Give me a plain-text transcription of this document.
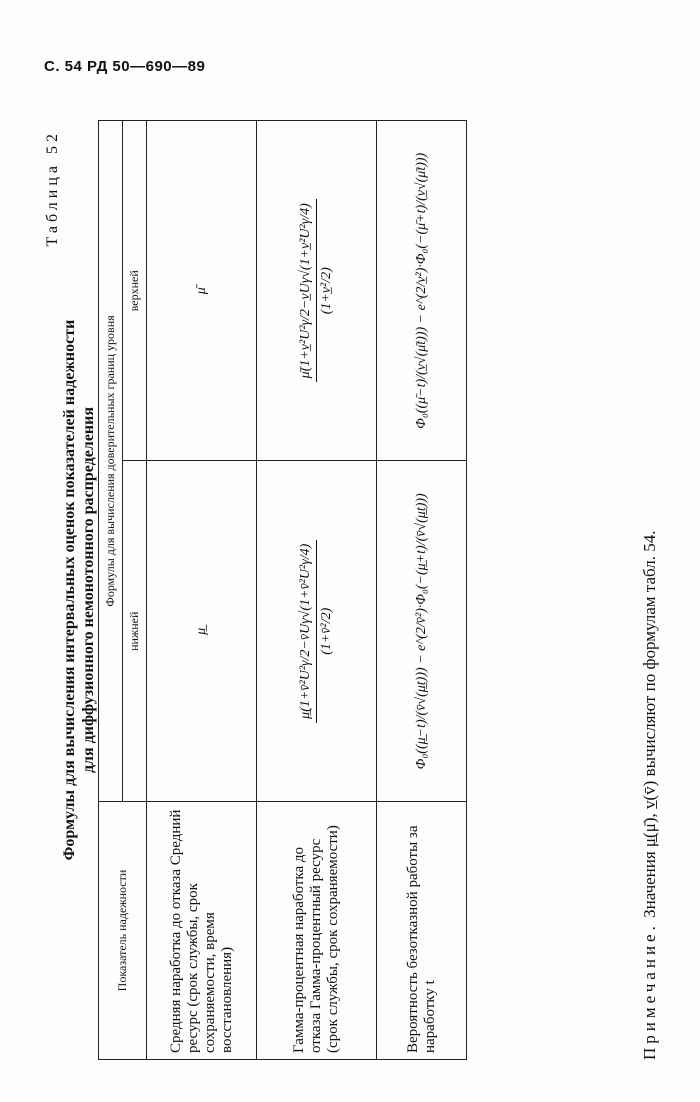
С. 54 РД 50—690—89
Таблица 52
Формулы для вычисления интервальных оценок показателей надежности для диффузионного немонотонного распределения
Показатель надежности	Формулы для вычисления доверительных границ уровня	
	нижней	верхней
Средняя наработка до отказа Средний ресурс (срок службы, срок сохраняемости, время восстановления)	μ̲	μ̄
Гамма-процентная наработка до отказа Гамма-процентный ресурс (срок службы, срок сохраняемости)	μ̲(1+v̄²U²γ/2−v̄Uγ√(1+v̄²U²γ/4) (1+v̄²/2)	μ̄(1+v̲²U²γ/2−v̲Uγ√(1+v̲²U²γ/4) (1+v̲²/2)

Вероятность безотказной работы за наработку t	Φ₀((μ̲−t)/(v̄√(μ̲t))) − e^(2/v̄²)·Φ₀(−(μ̲+t)/(v̄√(μ̲t)))	Φ₀((μ̄−t)/(v̲√(μ̄t))) − e^(2/v̲²)·Φ₀(−(μ̄+t)/(v̲√(μ̄t)))
Примечание. Значения μ̲(μ̄), v̲(v̄) вычисляют по формулам табл. 54.
